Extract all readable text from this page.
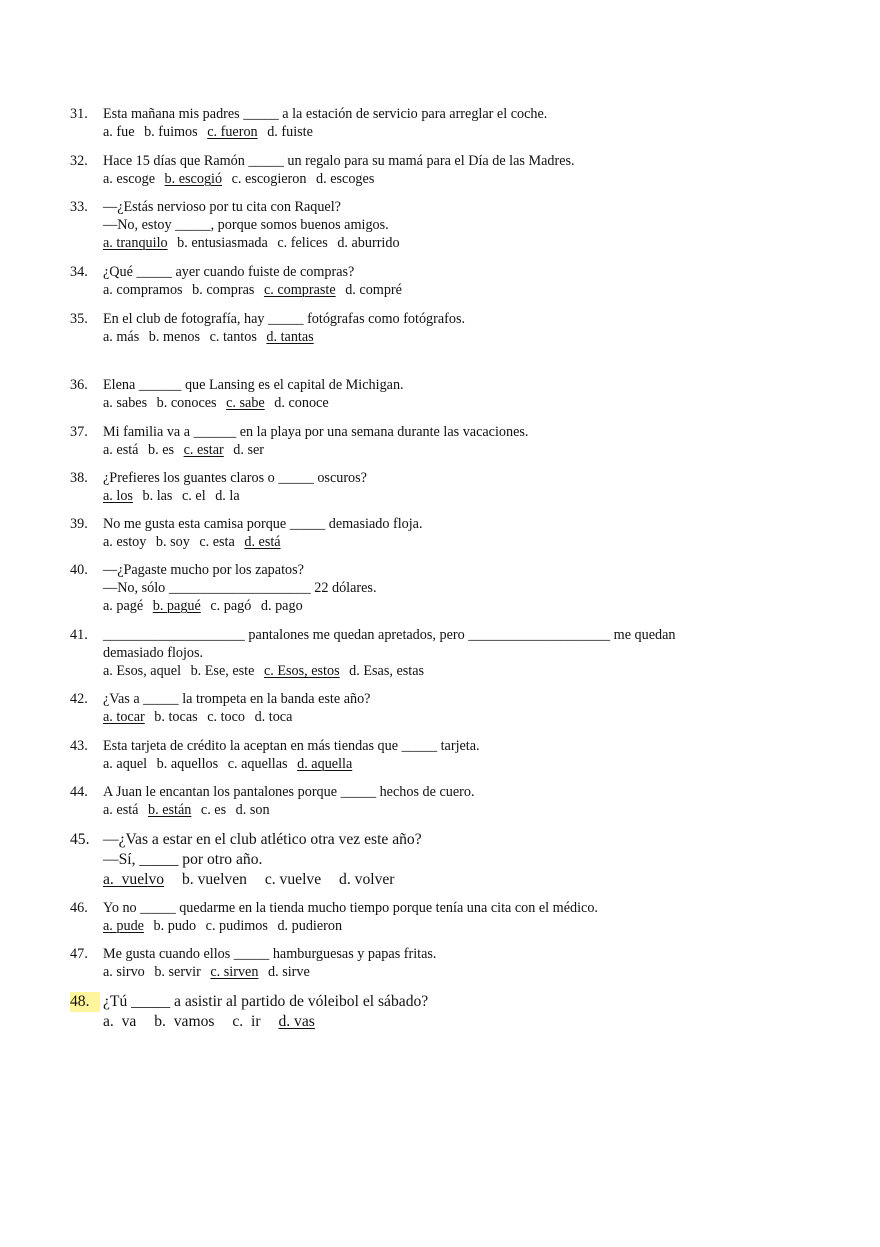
31.	Esta mañana mis padres _____ a la estación de servicio para arreglar el coche.
a. fue b. fuimos c. fueron d. fuiste
32.	Hace 15 días que Ramón _____ un regalo para su mamá para el Día de las Madres.
a. escoge b. escogió c. escogieron d. escoges
33.	—¿Estás nervioso por tu cita con Raquel?
—No, estoy _____, porque somos buenos amigos.
a. tranquilo b. entusiasmada c. felices d. aburrido
34.	¿Qué _____ ayer cuando fuiste de compras?
a. compramos b. compras c. compraste d. compré
35.	En el club de fotografía, hay _____ fotógrafas como fotógrafos.
a. más b. menos c. tantos d. tantas
36.	Elena ______ que Lansing es el capital de Michigan.
a. sabes b. conoces c. sabe d. conoce
37.	Mi familia va a ______ en la playa por una semana durante las vacaciones.
a. está b. es c. estar d. ser
38.	¿Prefieres los guantes claros o _____ oscuros?
a. los b. las c. el d. la
39.	No me gusta esta camisa porque _____ demasiado floja.
a. estoy b. soy c. esta d. está
40.	—¿Pagaste mucho por los zapatos?
—No, sólo ____________________ 22 dólares.
a. pagé b. pagué c. pagó d. pago
41.	____________________ pantalones me quedan apretados, pero ____________________ me quedan
demasiado flojos.
a. Esos, aquel b. Ese, este c. Esos, estos d. Esas, estas
42.	¿Vas a _____ la trompeta en la banda este año?
a. tocar b. tocas c. toco d. toca
43.	Esta tarjeta de crédito la aceptan en más tiendas que _____ tarjeta.
a. aquel b. aquellos c. aquellas d. aquella
44.	A Juan le encantan los pantalones porque _____ hechos de cuero.
a. está b. están c. es d. son
45. —¿Vas a estar en el club atlético otra vez este año?
—Sí, _____ por otro año.
a.  vuelvo b. vuelven c. vuelve d. volver
46.	Yo no _____ quedarme en la tienda mucho tiempo porque tenía una cita con el médico.
a. pude b. pudo c. pudimos d. pudieron
47.	Me gusta cuando ellos _____ hamburguesas y papas fritas.
a. sirvo b. servir c. sirven d. sirve
48. ¿Tú _____ a asistir al partido de vóleibol el sábado?
a.  va b.  vamos c.  ir d. vas
